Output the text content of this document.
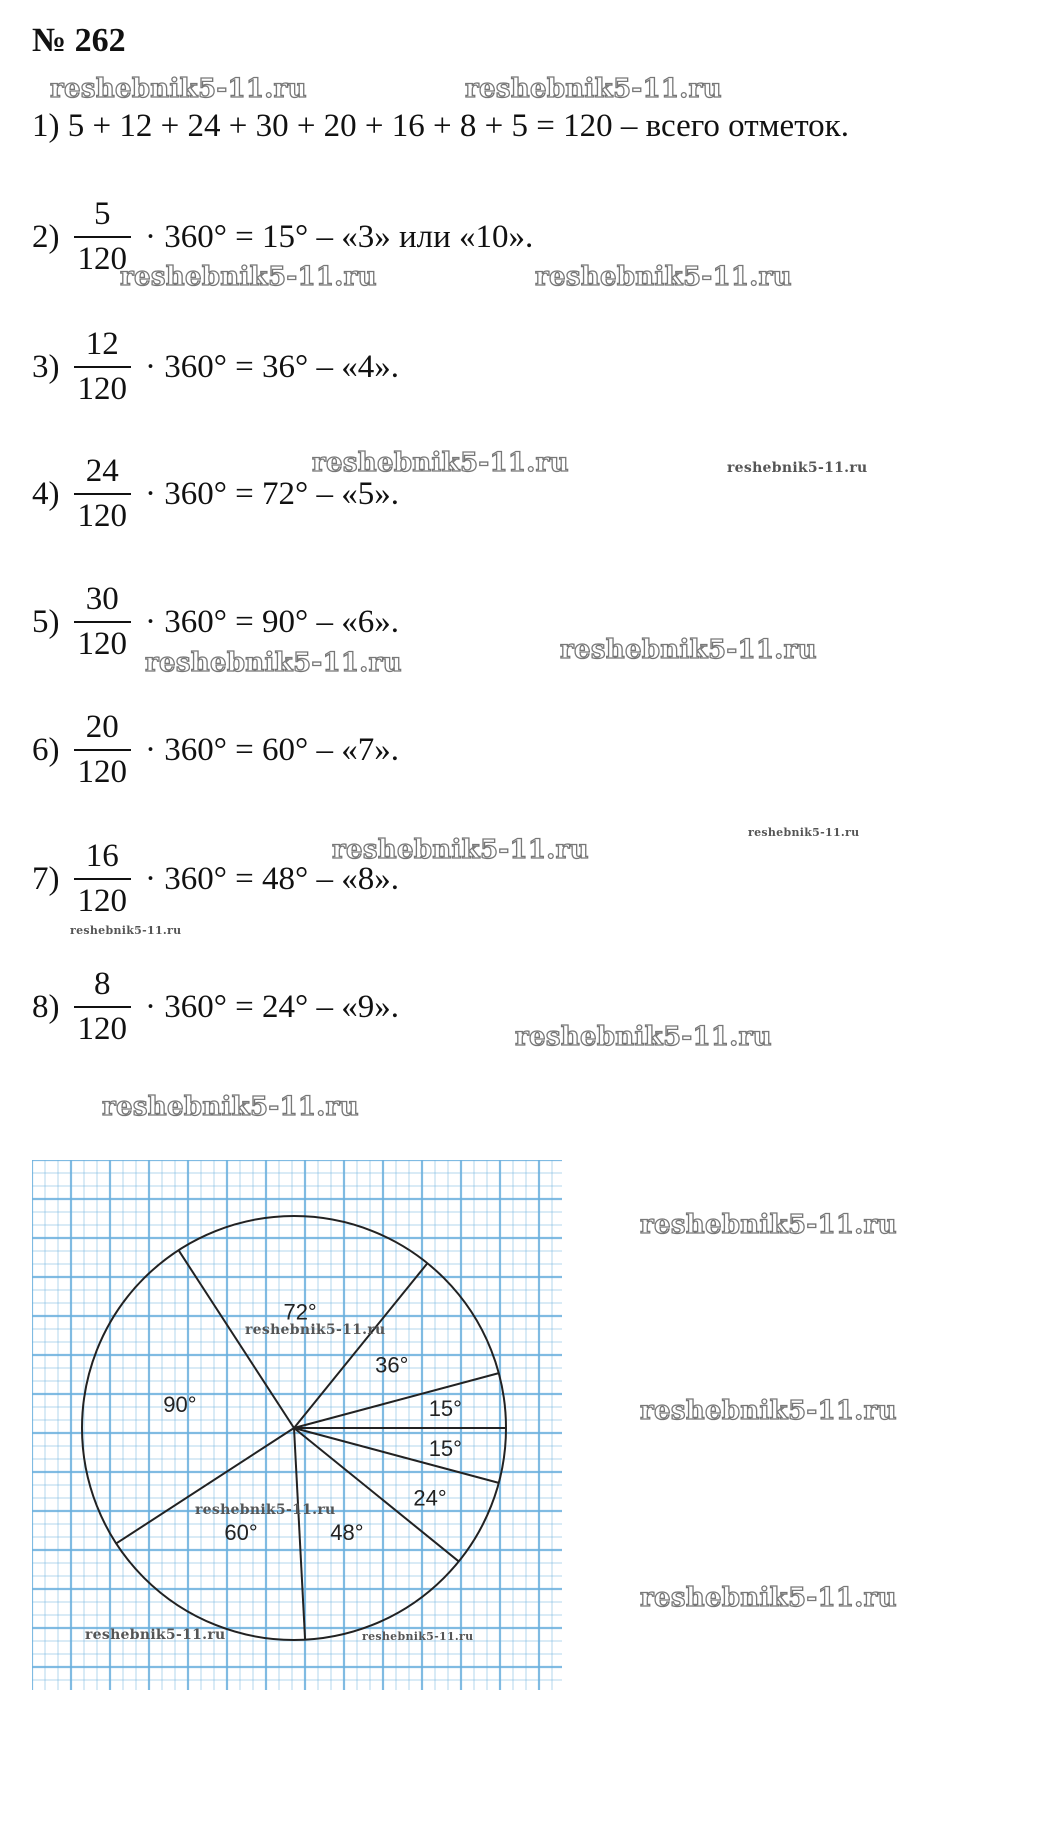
№ 262
1) 5 + 12 + 24 + 30 + 20 + 16 + 8 + 5 = 120 – всего отметок.
$2) \frac{5}{120} \cdot 360^\circ = 15^\circ$ – «3» или «10».
$3) \frac{12}{120} \cdot 360^\circ = 36^\circ$ – «4».
$4) \frac{24}{120} \cdot 360^\circ = 72^\circ$ – «5».
$5) \frac{30}{120} \cdot 360^\circ = 90^\circ$ – «6».
$6) \frac{20}{120} \cdot 360^\circ = 60^\circ$ – «7».
$7) \frac{16}{120} \cdot 360^\circ = 48^\circ$ – «8».
$8) \frac{8}{120} \cdot 360^\circ = 24^\circ$ – «9».
reshebnik5-11.ru	reshebnik5-11.ru
reshebnik5-11.ru	reshebnik5-11.ru
reshebnik5-11.ru	reshebnik5-11.ru
reshebnik5-11.ru
reshebnik5-11.ru
reshebnik5-11.ru
reshebnik5-11.ru
reshebnik5-11.ru
reshebnik5-11.ru
reshebnik5-11.ru
reshebnik5-11.ru
reshebnik5-11.ru
reshebnik5-11.ru
15°
24°
48°
60°
90°
72°
36°
15°
reshebnik5-11.ru
reshebnik5-11.ru
reshebnik5-11.ru	reshebnik5-11.ru
